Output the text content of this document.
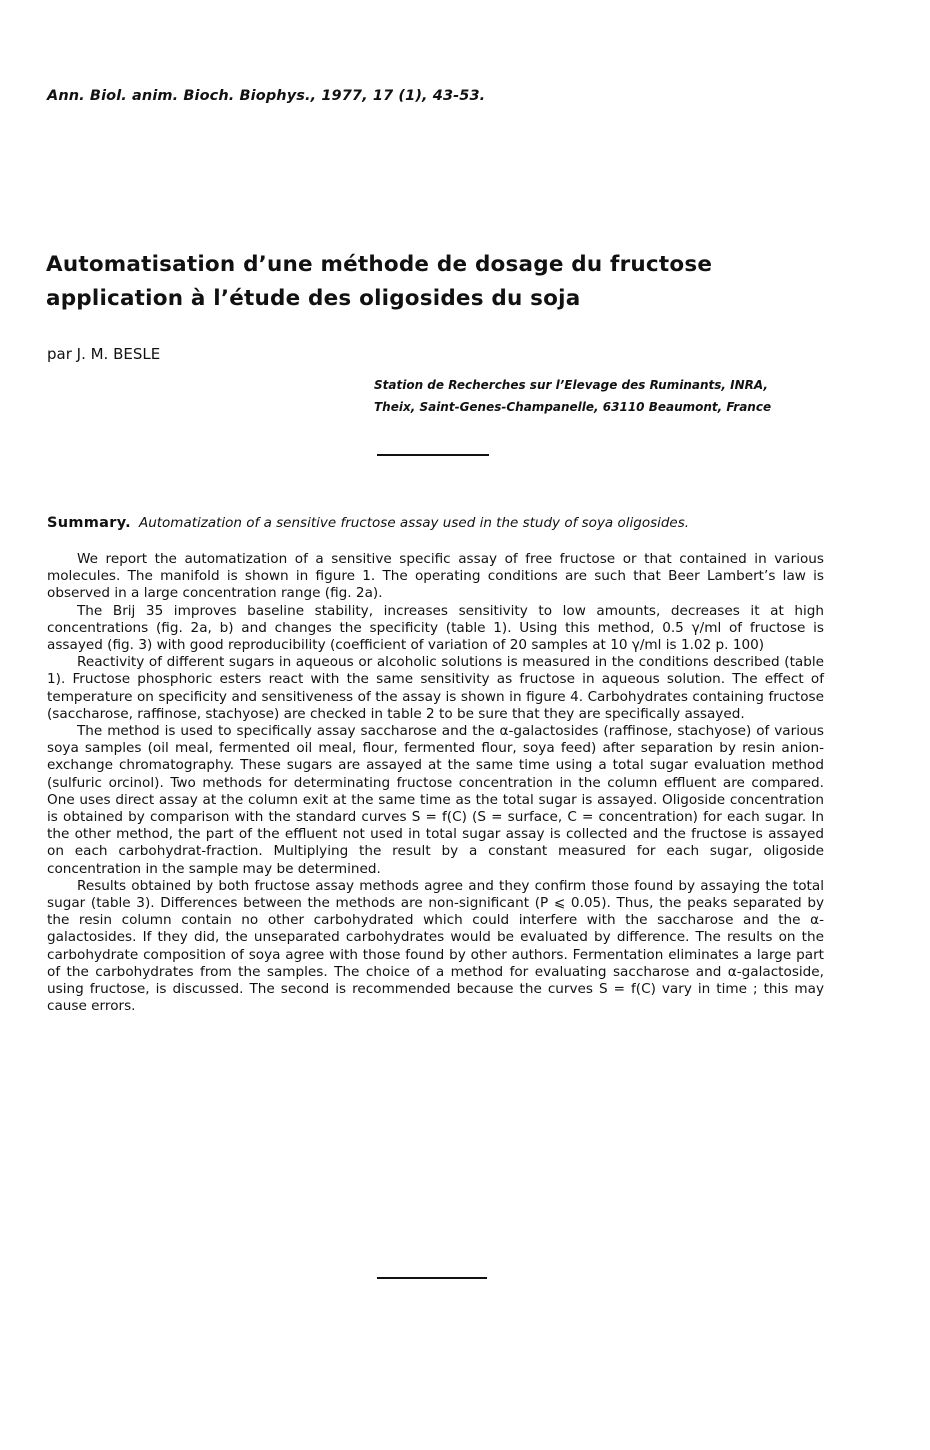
Ann. Biol. anim. Bioch. Biophys., 1977, 17 (1), 43-53.
Automatisation d’une méthode de dosage du fructose
application à l’étude des oligosides du soja
par J. M. BESLE
Station de Recherches sur l’Elevage des Ruminants, INRA,
Theix, Saint-Genes-Champanelle, 63110 Beaumont, France
Summary. Automatization of a sensitive fructose assay used in the study of soya oligosides.

We report the automatization of a sensitive specific assay of free fructose or that contained in various molecules. The manifold is shown in figure 1. The operating conditions are such that Beer Lambert’s law is observed in a large concentration range (fig. 2a).

The Brij 35 improves baseline stability, increases sensitivity to low amounts, decreases it at high concentrations (fig. 2a, b) and changes the specificity (table 1). Using this method, 0.5 γ/ml of fructose is assayed (fig. 3) with good reproducibility (coefficient of variation of 20 samples at 10 γ/ml is 1.02 p. 100)

Reactivity of different sugars in aqueous or alcoholic solutions is measured in the conditions described (table 1). Fructose phosphoric esters react with the same sensitivity as fructose in aqueous solution. The effect of temperature on specificity and sensitiveness of the assay is shown in figure 4. Carbohydrates containing fructose (saccharose, raffinose, stachyose) are checked in table 2 to be sure that they are specifically assayed.

The method is used to specifically assay saccharose and the α-galactosides (raffinose, stachyose) of various soya samples (oil meal, fermented oil meal, flour, fermented flour, soya feed) after separation by resin anion-exchange chromatography. These sugars are assayed at the same time using a total sugar evaluation method (sulfuric orcinol). Two methods for determinating fructose concentration in the column effluent are compared. One uses direct assay at the column exit at the same time as the total sugar is assayed. Oligoside concentration is obtained by comparison with the standard curves S = f(C) (S = surface, C = concentration) for each sugar. In the other method, the part of the effluent not used in total sugar assay is collected and the fructose is assayed on each carbohydrat-fraction. Multiplying the result by a constant measured for each sugar, oligoside concentration in the sample may be determined.

Results obtained by both fructose assay methods agree and they confirm those found by assaying the total sugar (table 3). Differences between the methods are non-significant (P ⩽ 0.05). Thus, the peaks separated by the resin column contain no other carbohydrated which could interfere with the saccharose and the α-galactosides. If they did, the unseparated carbohydrates would be evaluated by difference. The results on the carbohydrate composition of soya agree with those found by other authors. Fermentation eliminates a large part of the carbohydrates from the samples. The choice of a method for evaluating saccharose and α-galactoside, using fructose, is discussed. The second is recommended because the curves S = f(C) vary in time ; this may cause errors.
